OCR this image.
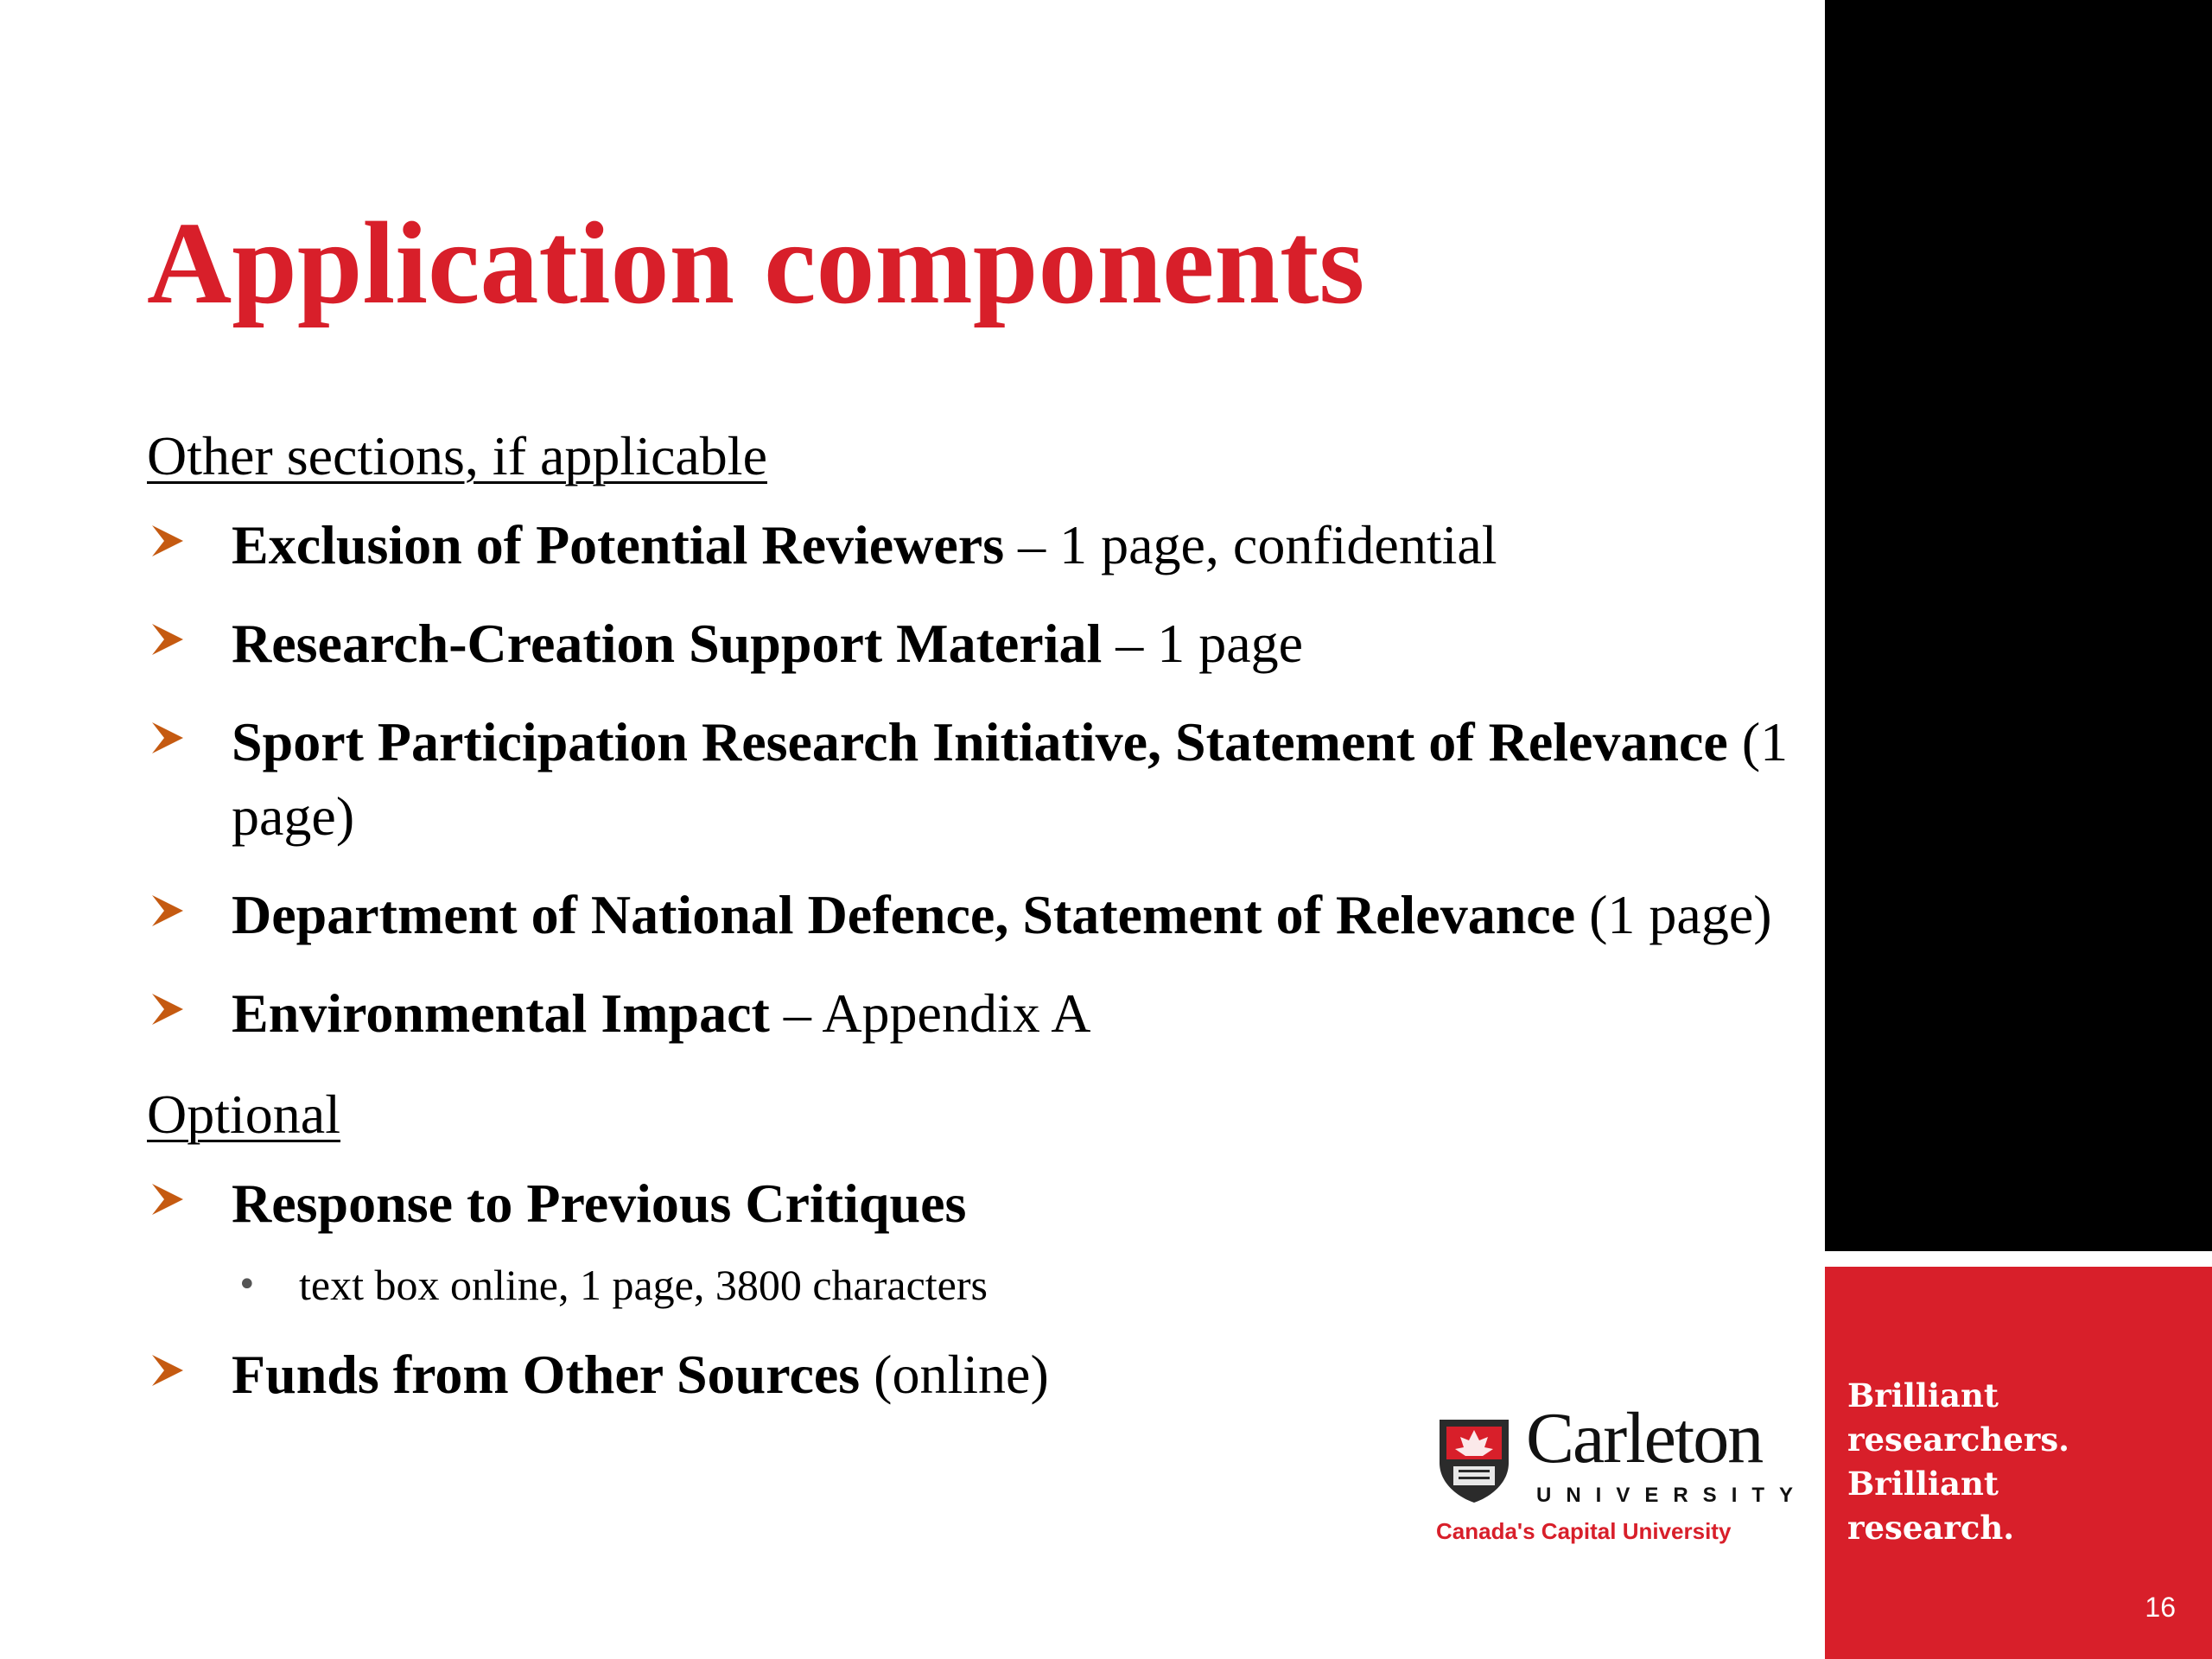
Brilliant
researchers.
Brilliant
research.
16
Application components
Other sections, if applicable
Exclusion of Potential Reviewers – 1 page, confidential
Research-Creation Support Material – 1 page
Sport Participation Research Initiative, Statement of Relevance (1 page)
Department of National Defence, Statement of Relevance (1 page)
Environmental Impact – Appendix A
Optional
Response to Previous Critiques
• text box online, 1 page, 3800 characters
Funds from Other Sources (online)
Carleton
UNIVERSITY
Canada's Capital University
